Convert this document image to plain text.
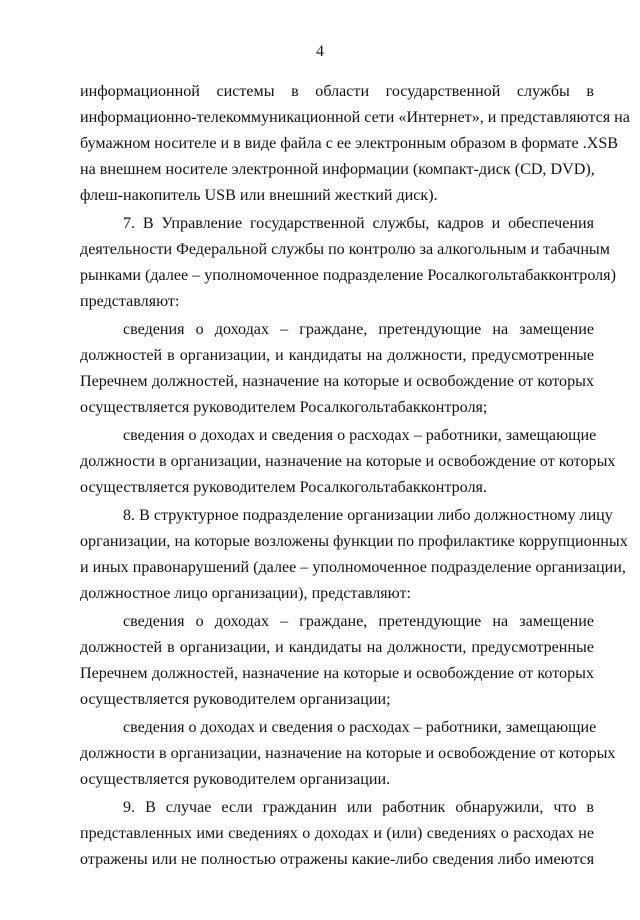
4
информационной системы в области государственной службы в
информационно-телекоммуникационной сети «Интернет», и представляются на
бумажном носителе и в виде файла с ее электронным образом в формате .XSB
на внешнем носителе электронной информации (компакт-диск (CD, DVD),
флеш-накопитель USB или внешний жесткий диск).
7. В Управление государственной службы, кадров и обеспечения
деятельности Федеральной службы по контролю за алкогольным и табачным
рынками (далее – уполномоченное подразделение Росалкогольтабакконтроля)
представляют:
сведения о доходах – граждане, претендующие на замещение
должностей в организации, и кандидаты на должности, предусмотренные
Перечнем должностей, назначение на которые и освобождение от которых
осуществляется руководителем Росалкогольтабакконтроля;
сведения о доходах и сведения о расходах – работники, замещающие
должности в организации, назначение на которые и освобождение от которых
осуществляется руководителем Росалкогольтабакконтроля.
8. В структурное подразделение организации либо должностному лицу
организации, на которые возложены функции по профилактике коррупционных
и иных правонарушений (далее – уполномоченное подразделение организации,
должностное лицо организации), представляют:
сведения о доходах – граждане, претендующие на замещение
должностей в организации, и кандидаты на должности, предусмотренные
Перечнем должностей, назначение на которые и освобождение от которых
осуществляется руководителем организации;
сведения о доходах и сведения о расходах – работники, замещающие
должности в организации, назначение на которые и освобождение от которых
осуществляется руководителем организации.
9. В случае если гражданин или работник обнаружили, что в
представленных ими сведениях о доходах и (или) сведениях о расходах не
отражены или не полностью отражены какие-либо сведения либо имеются
